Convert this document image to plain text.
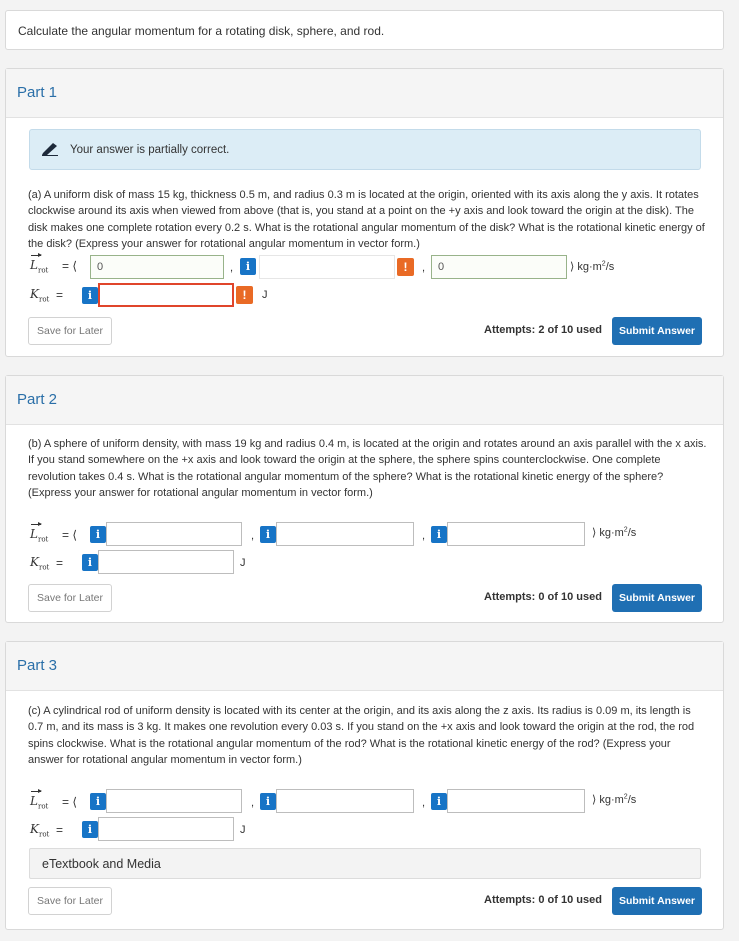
Calculate the angular momentum for a rotating disk, sphere, and rod.
Part 1
Your answer is partially correct.
(a) A uniform disk of mass 15 kg, thickness 0.5 m, and radius 0.3 m is located at the origin, oriented with its axis along the y axis. It rotates clockwise around its axis when viewed from above (that is, you stand at a point on the +y axis and look toward the origin at the disk). The disk makes one complete rotation every 0.2 s. What is the rotational angular momentum of the disk? What is the rotational kinetic energy of the disk? (Express your answer for rotational angular momentum in vector form.)
$L_{rot}$ = ⟨	0	,	i	!	,	0	⟩ $kg\cdot m^2/s$
$K_{rot}$ =	i	!	J
Save for Later	Attempts: 2 of 10 used	Submit Answer
Part 2
(b) A sphere of uniform density, with mass 19 kg and radius 0.4 m, is located at the origin and rotates around an axis parallel with the x axis. If you stand somewhere on the +x axis and look toward the origin at the sphere, the sphere spins counterclockwise. One complete revolution takes 0.4 s. What is the rotational angular momentum of the sphere? What is the rotational kinetic energy of the sphere? (Express your answer for rotational angular momentum in vector form.)
$L_{rot}$ = ⟨	i	,	i	,	i	⟩ $kg\cdot m^2/s$
$K_{rot}$ =	i	J
Save for Later	Attempts: 0 of 10 used	Submit Answer
Part 3
(c) A cylindrical rod of uniform density is located with its center at the origin, and its axis along the z axis. Its radius is 0.09 m, its length is 0.7 m, and its mass is 3 kg. It makes one revolution every 0.03 s. If you stand on the +x axis and look toward the origin at the rod, the rod spins clockwise. What is the rotational angular momentum of the rod? What is the rotational kinetic energy of the rod? (Express your answer for rotational angular momentum in vector form.)
$L_{rot}$ = ⟨	i	,	i	,	i	⟩ $kg\cdot m^2/s$
$K_{rot}$ =	i	J
eTextbook and Media
Save for Later	Attempts: 0 of 10 used	Submit Answer
